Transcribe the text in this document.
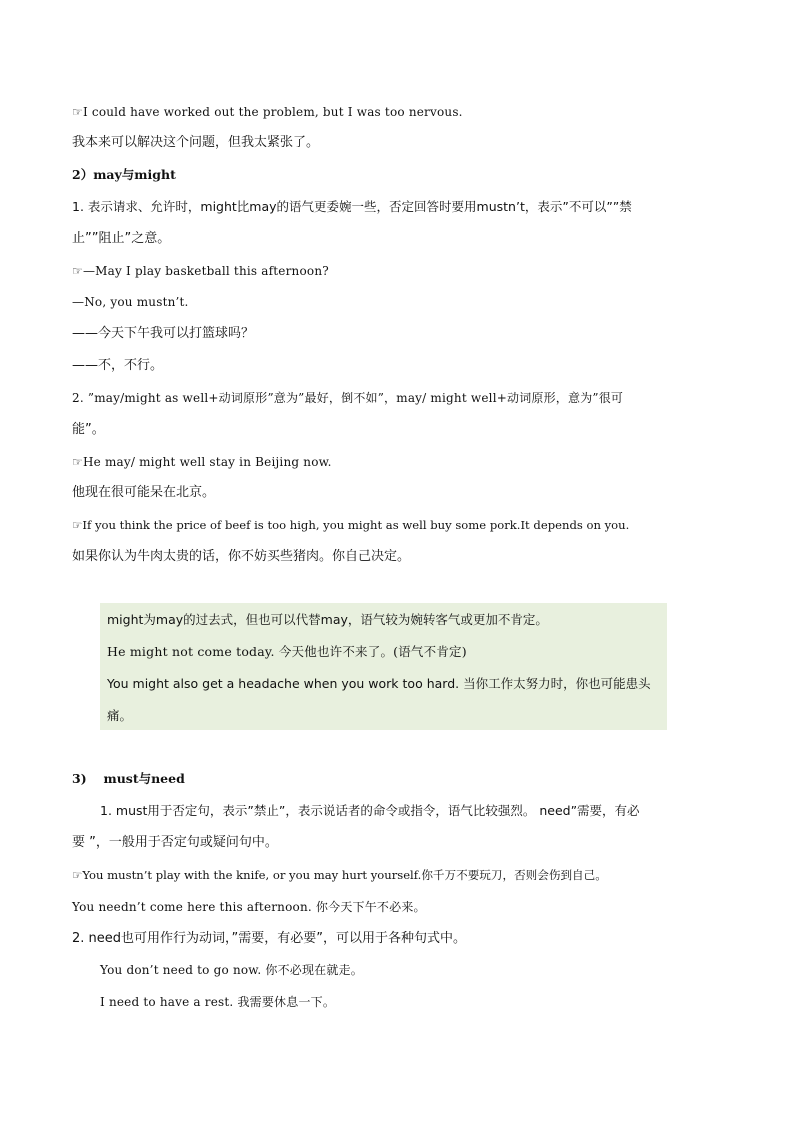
☞I could have worked out the problem, but I was too nervous.
我本来可以解决这个问题，但我太紧张了。
2）may与might
1. 表示请求、允许时，might比may的语气更委婉一些，否定回答时要用mustn’t，表示”不可以””禁
止””阻止”之意。
☞—May I play basketball this afternoon?
—No, you mustn’t.
——今天下午我可以打篮球吗？
——不，不行。
2. ”may/might as well+动词原形”意为”最好，倒不如”，may/ might well+动词原形，意为”很可
能”。
☞He may/ might well stay in Beijing now.
他现在很可能呆在北京。
☞If you think the price of beef is too high, you might as well buy some pork.It depends on you.
如果你认为牛肉太贵的话，你不妨买些猪肉。你自己决定。
might为may的过去式，但也可以代替may，语气较为婉转客气或更加不肯定。
He might not come today. 今天他也许不来了。(语气不肯定)
You might also get a headache when you work too hard. 当你工作太努力时，你也可能患头
痛。
3)　 must与need
1. must用于否定句，表示”禁止”，表示说话者的命令或指令，语气比较强烈。 need”需要，有必
要 ”，一般用于否定句或疑问句中。
☞You mustn’t play with the knife, or you may hurt yourself.你千万不要玩刀，否则会伤到自己。
You needn’t come here this afternoon. 你今天下午不必来。
2. need也可用作行为动词，”需要，有必要”，可以用于各种句式中。
You don’t need to go now. 你不必现在就走。
I need to have a rest. 我需要休息一下。
